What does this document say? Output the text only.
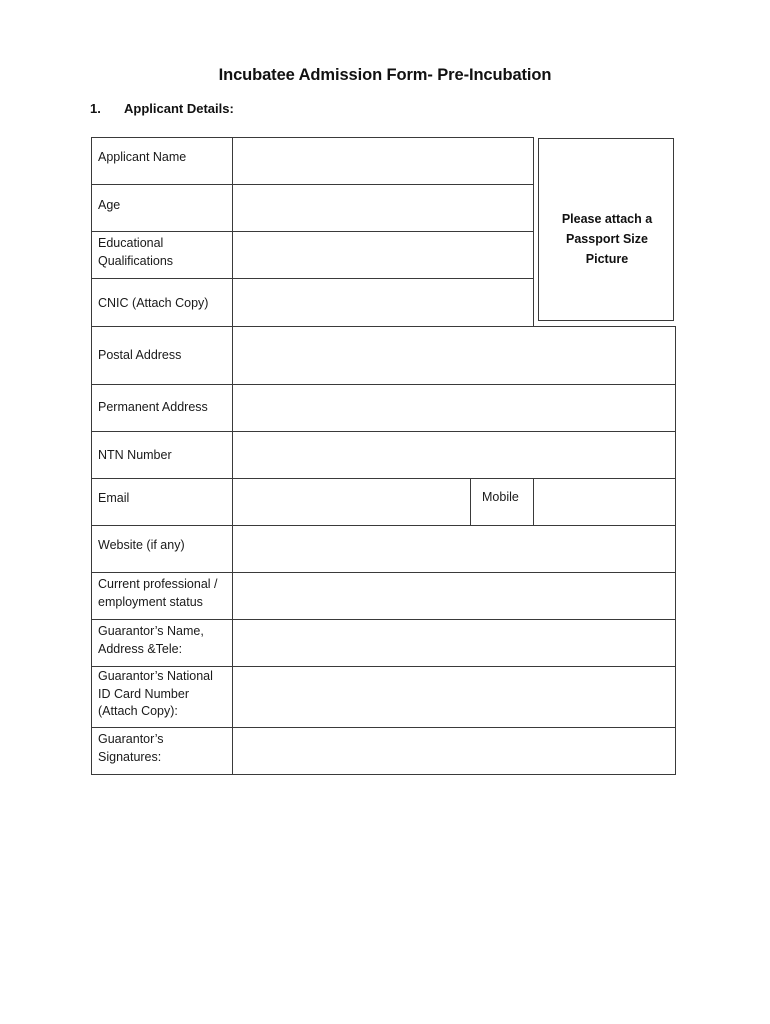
Incubatee Admission Form- Pre-Incubation
1.	Applicant Details:
Please attach a
Passport Size
Picture
Applicant Name
Age
Educational
Qualifications
CNIC (Attach Copy)
Postal Address
Permanent Address
NTN Number
Email	Mobile
Website (if any)
Current professional /
employment status
Guarantor’s Name,
Address &Tele:
Guarantor’s National
ID Card Number
(Attach Copy):
Guarantor’s
Signatures:
